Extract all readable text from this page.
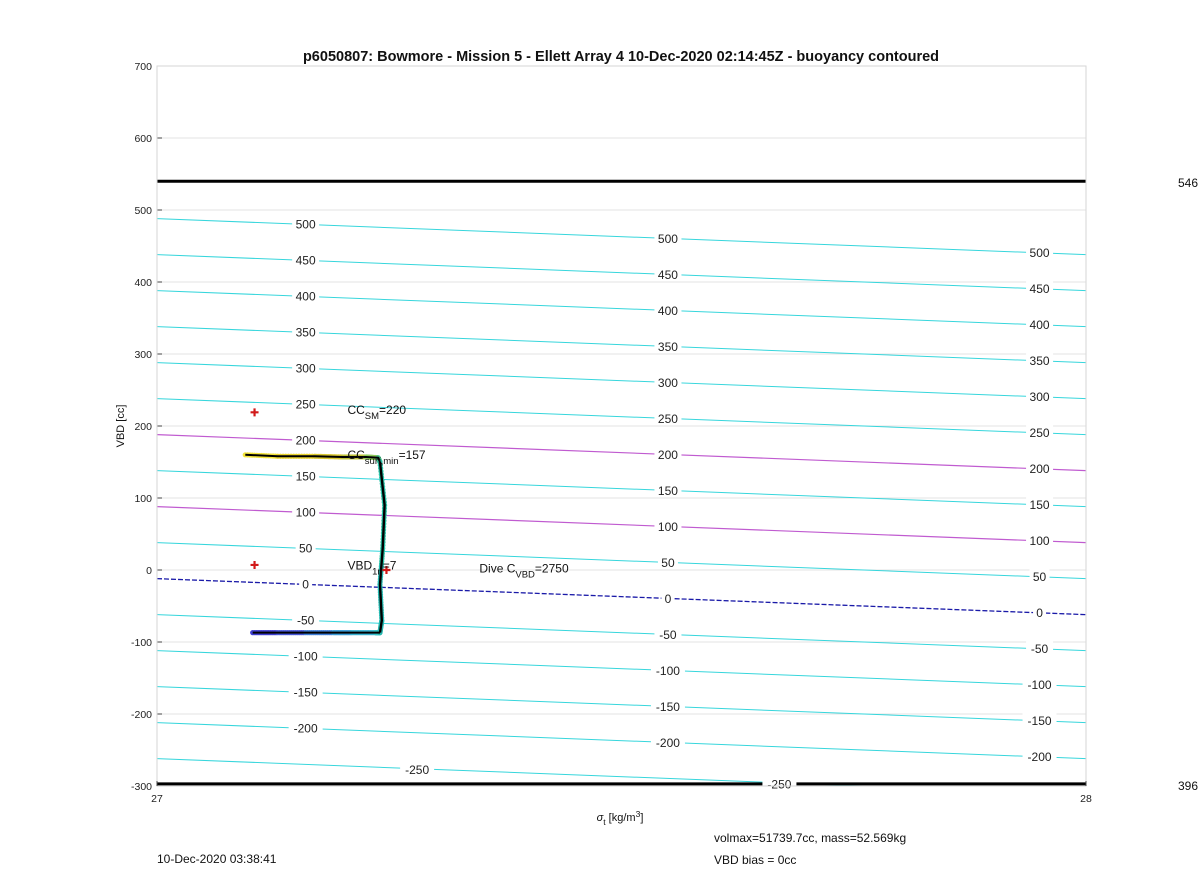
546
396
500
450
400
350
300
250
200
150
100
50
0
-50
-100
-150
-200
500
450
400
350
300
250
200
150
100
50
0
-50
-100
-150
-200
-250
-250
500
450
400
350
300
250
200
150
100
50
0
-50
-100
-150
-200
$CC_{SM}=220$
$CC_{surf,min}=157$
$VBD_{1n}=7$	Dive $C_{VBD}=2750$
700
600
500
400
300
200
100
0
-100
-200
-300
27	28
p6050807: Bowmore - Mission 5 - Ellett Array 4 10-Dec-2020 02:14:45Z - buoyancy contoured
VBD [cc]
$\sigma_t$ $[kg/m^3]$
10-Dec-2020 03:38:41
volmax=51739.7cc, mass=52.569kg
VBD bias = 0cc
